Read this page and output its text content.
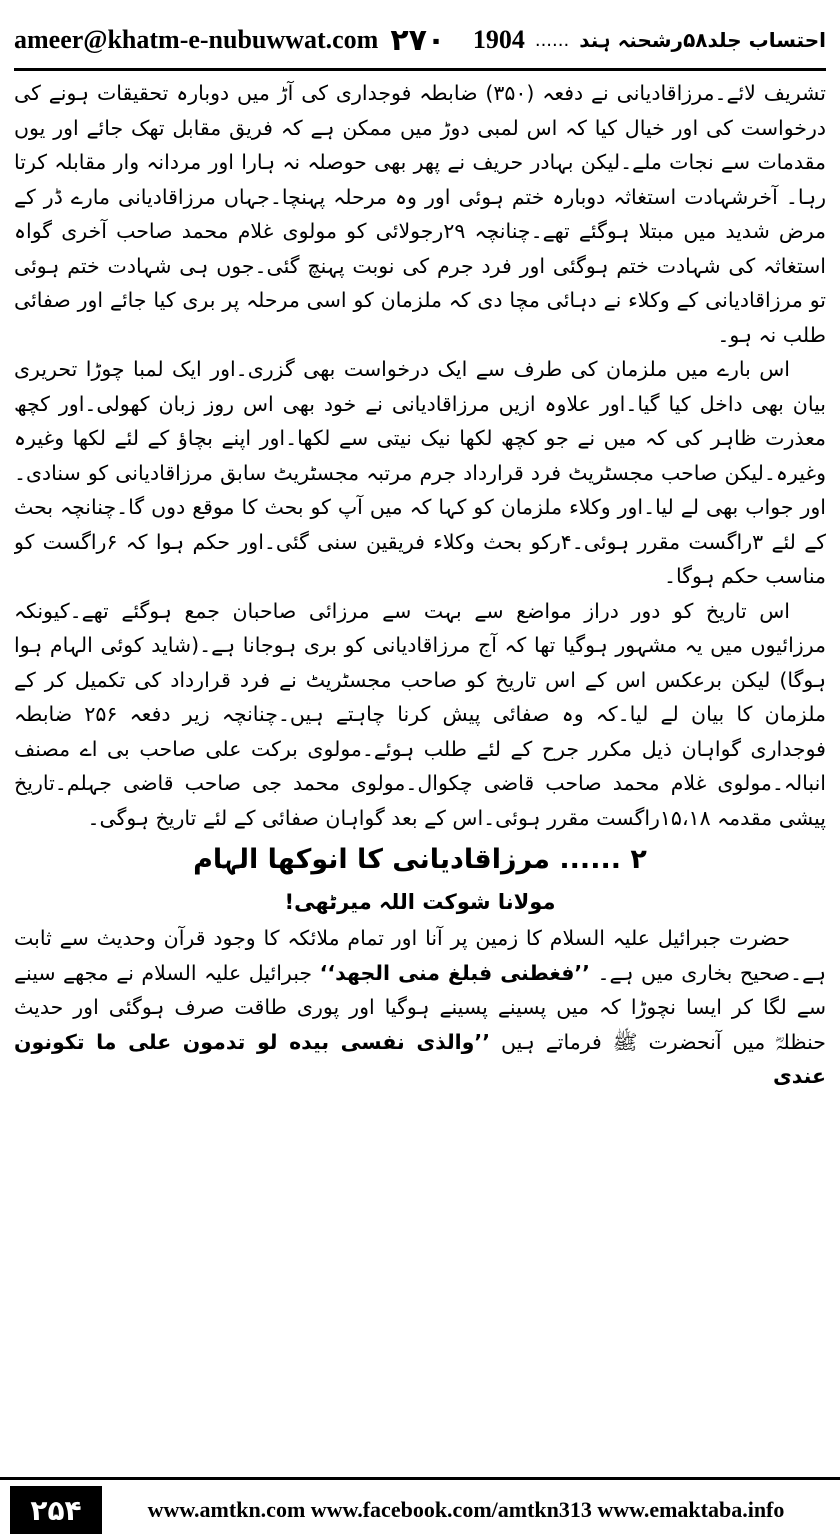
ameer@khatm-e-nubuwwat.com ۲۷۰ 1904 ...... احتساب جلد۵۸رشحنہ ہند

تشریف لائے۔مرزاقادیانی نے دفعہ (۳۵۰) ضابطہ فوجداری کی آڑ میں دوبارہ تحقیقات ہونے کی درخواست کی اور خیال کیا کہ اس لمبی دوڑ میں ممکن ہے کہ فریق مقابل تھک جائے اور یوں مقدمات سے نجات ملے۔لیکن بہادر حریف نے پھر بھی حوصلہ نہ ہارا اور مردانہ وار مقابلہ کرتا رہا۔ آخرشہادت استغاثہ دوبارہ ختم ہوئی اور وہ مرحلہ پہنچا۔جہاں مرزاقادیانی مارے ڈر کے مرض شدید میں مبتلا ہوگئے تھے۔چنانچہ ۲۹رجولائی کو مولوی غلام محمد صاحب آخری گواہ استغاثہ کی شہادت ختم ہوگئی اور فرد جرم کی نوبت پہنچ گئی۔جوں ہی شہادت ختم ہوئی تو مرزاقادیانی کے وکلاء نے دہائی مچا دی کہ ملزمان کو اسی مرحلہ پر بری کیا جائے اور صفائی طلب نہ ہو۔

اس بارے میں ملزمان کی طرف سے ایک درخواست بھی گزری۔اور ایک لمبا چوڑا تحریری بیان بھی داخل کیا گیا۔اور علاوہ ازیں مرزاقادیانی نے خود بھی اس روز زبان کھولی۔اور کچھ معذرت ظاہر کی کہ میں نے جو کچھ لکھا نیک نیتی سے لکھا۔اور اپنے بچاؤ کے لئے لکھا وغیرہ وغیرہ۔لیکن صاحب مجسٹریٹ فرد قرارداد جرم مرتبہ مجسٹریٹ سابق مرزاقادیانی کو سنادی۔اور جواب بھی لے لیا۔اور وکلاء ملزمان کو کہا کہ میں آپ کو بحث کا موقع دوں گا۔چنانچہ بحث کے لئے ۳راگست مقرر ہوئی۔۴رکو بحث وکلاء فریقین سنی گئی۔اور حکم ہوا کہ ۶راگست کو مناسب حکم ہوگا۔

اس تاریخ کو دور دراز مواضع سے بہت سے مرزائی صاحبان جمع ہوگئے تھے۔کیونکہ مرزائیوں میں یہ مشہور ہوگیا تھا کہ آج مرزاقادیانی کو بری ہوجانا ہے۔(شاید کوئی الہام ہوا ہوگا) لیکن برعکس اس کے اس تاریخ کو صاحب مجسٹریٹ نے فرد قرارداد کی تکمیل کر کے ملزمان کا بیان لے لیا۔کہ وہ صفائی پیش کرنا چاہتے ہیں۔چنانچہ زیر دفعہ ۲۵۶ ضابطہ فوجداری گواہان ذیل مکرر جرح کے لئے طلب ہوئے۔مولوی برکت علی صاحب بی اے مصنف انبالہ۔مولوی غلام محمد صاحب قاضی چکوال۔مولوی محمد جی صاحب قاضی جہلم۔تاریخ پیشی مقدمہ ۱۵،۱۸راگست مقرر ہوئی۔اس کے بعد گواہان صفائی کے لئے تاریخ ہوگی۔

۲ ...... مرزاقادیانی کا انوکھا الہام
مولانا شوکت اللہ میرٹھی!

حضرت جبرائیل علیہ السلام کا زمین پر آنا اور تمام ملائکہ کا وجود قرآن وحدیث سے ثابت ہے۔صحیح بخاری میں ہے۔ ’’فغطنی فبلغ منی الجهد‘‘ جبرائیل علیہ السلام نے مجھے سینے سے لگا کر ایسا نچوڑا کہ میں پسینے پسینے ہوگیا اور پوری طاقت صرف ہوگئی اور حدیث حنظلہؓ میں آنحضرت ﷺ فرماتے ہیں ’’والذی نفسی بیده لو تدمون علی ما تکونون عندی

۲۵۴	www.amtkn.com www.facebook.com/amtkn313 www.emaktaba.info
